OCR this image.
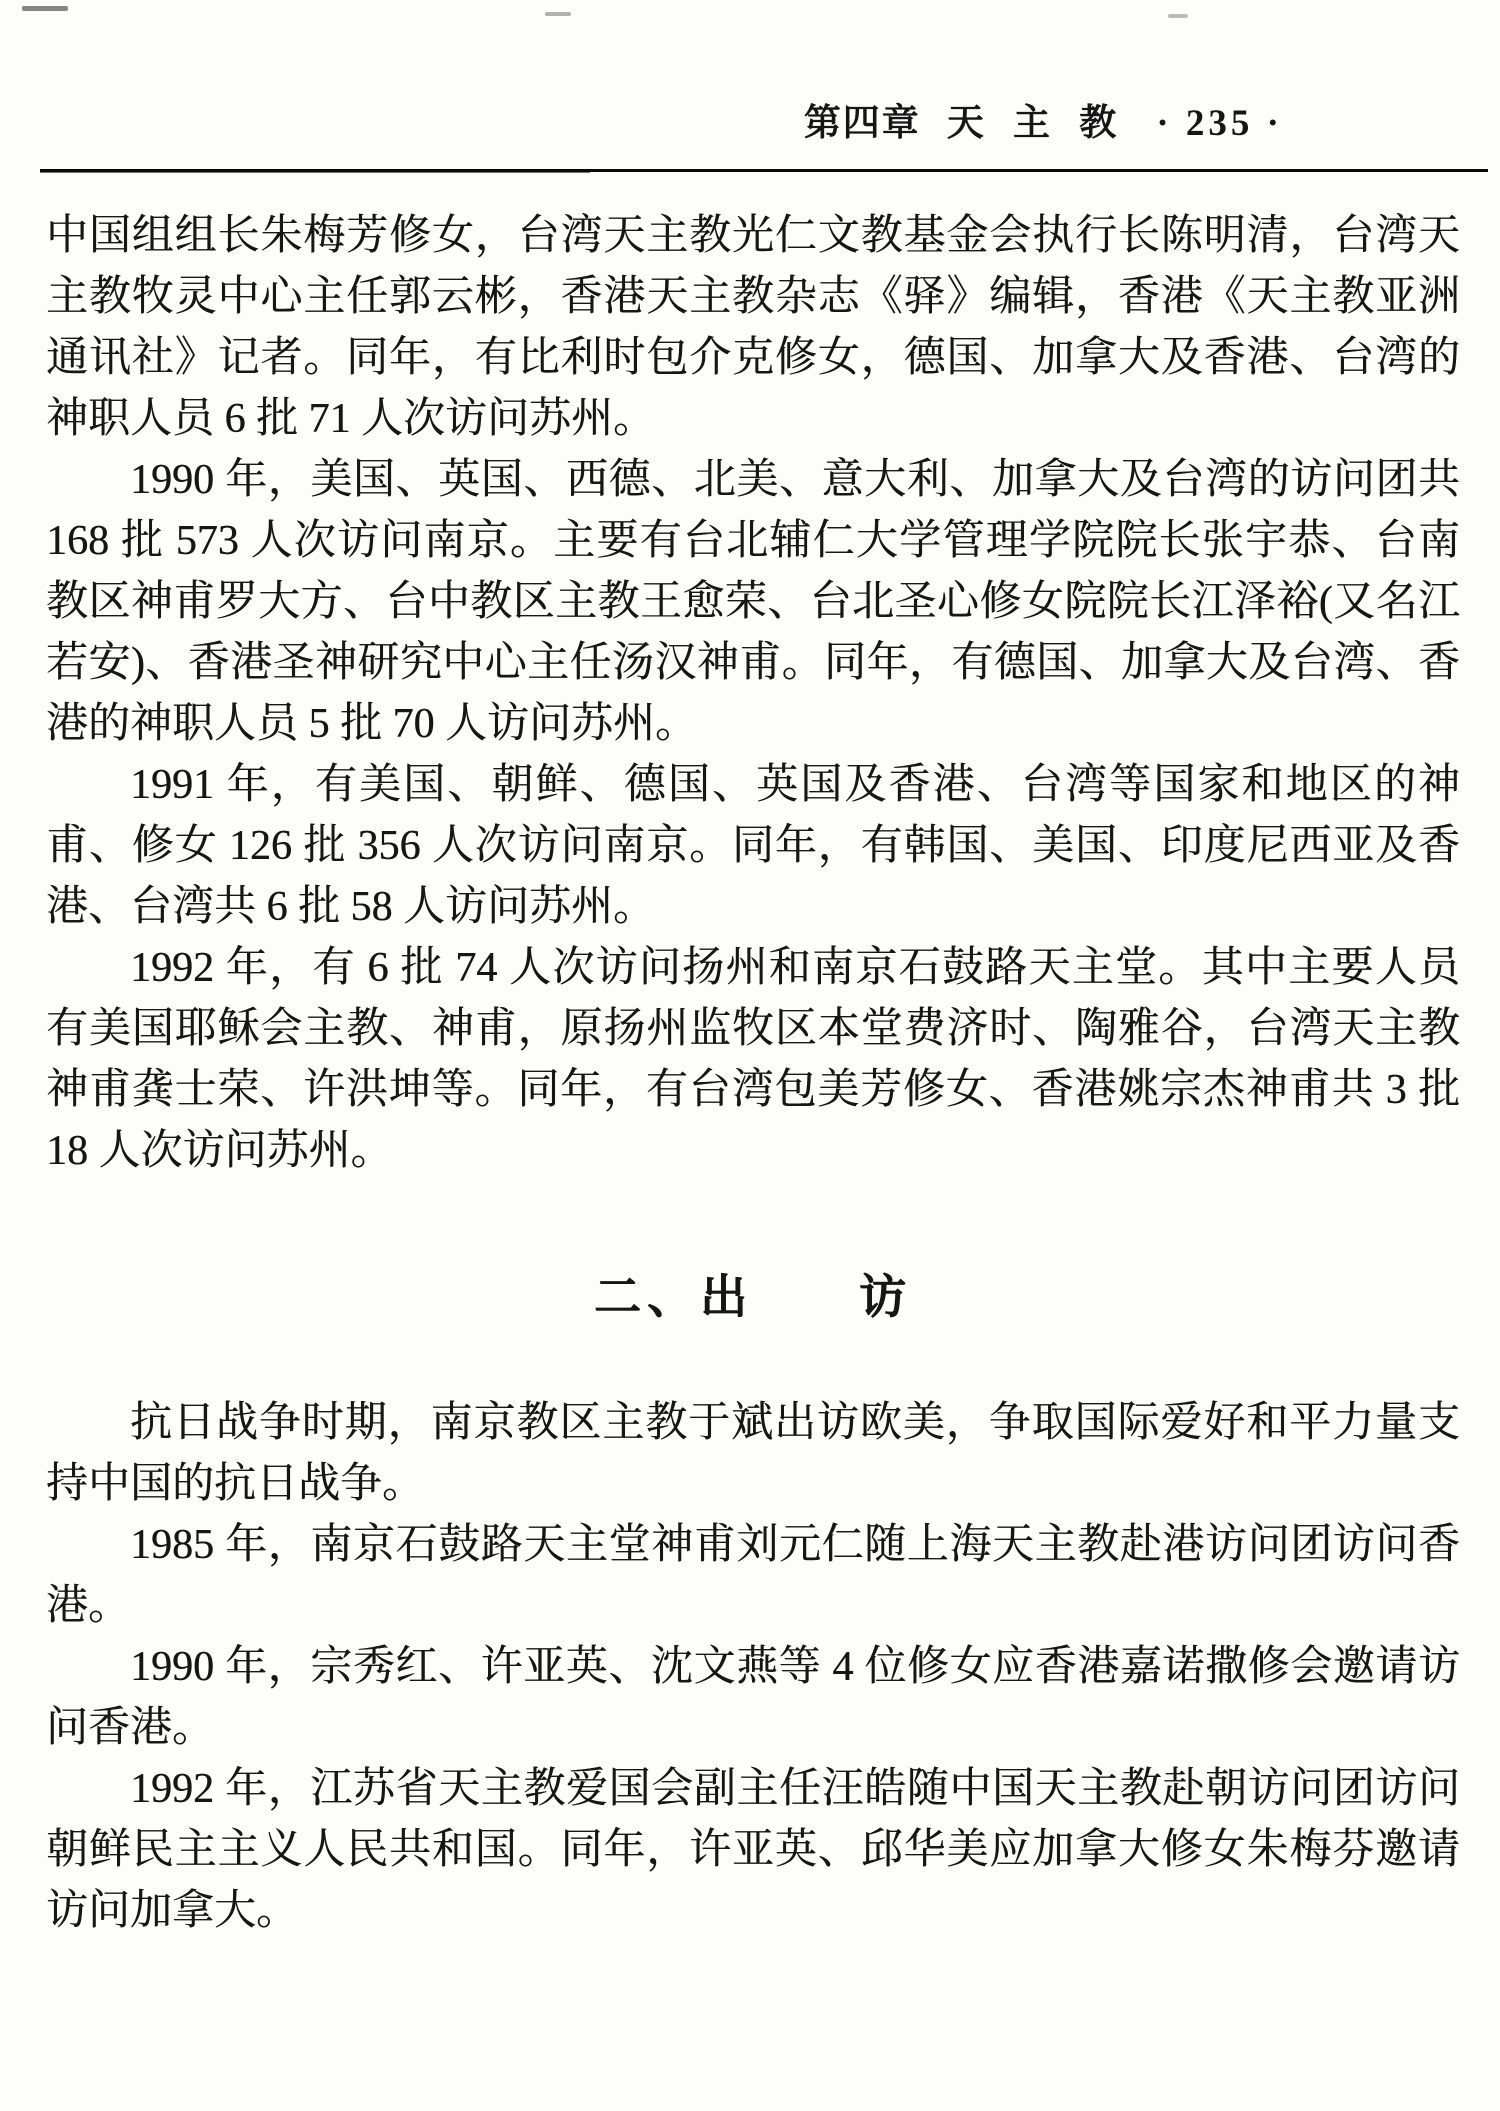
第四章 天 主 教 · 235 ·

中国组组长朱梅芳修女，台湾天主教光仁文教基金会执行长陈明清，台湾天主教牧灵中心主任郭云彬，香港天主教杂志《驿》编辑，香港《天主教亚洲通讯社》记者。同年，有比利时包介克修女，德国、加拿大及香港、台湾的神职人员 6 批 71 人次访问苏州。

1990 年，美国、英国、西德、北美、意大利、加拿大及台湾的访问团共 168 批 573 人次访问南京。主要有台北辅仁大学管理学院院长张宇恭、台南教区神甫罗大方、台中教区主教王愈荣、台北圣心修女院院长江泽裕(又名江若安)、香港圣神研究中心主任汤汉神甫。同年，有德国、加拿大及台湾、香港的神职人员 5 批 70 人访问苏州。

1991 年，有美国、朝鲜、德国、英国及香港、台湾等国家和地区的神甫、修女 126 批 356 人次访问南京。同年，有韩国、美国、印度尼西亚及香港、台湾共 6 批 58 人访问苏州。

1992 年，有 6 批 74 人次访问扬州和南京石鼓路天主堂。其中主要人员有美国耶稣会主教、神甫，原扬州监牧区本堂费济时、陶雅谷，台湾天主教神甫龚士荣、许洪坤等。同年，有台湾包美芳修女、香港姚宗杰神甫共 3 批 18 人次访问苏州。

二、出　　访

抗日战争时期，南京教区主教于斌出访欧美，争取国际爱好和平力量支持中国的抗日战争。

1985 年，南京石鼓路天主堂神甫刘元仁随上海天主教赴港访问团访问香港。

1990 年，宗秀红、许亚英、沈文燕等 4 位修女应香港嘉诺撒修会邀请访问香港。

1992 年，江苏省天主教爱国会副主任汪皓随中国天主教赴朝访问团访问朝鲜民主主义人民共和国。同年，许亚英、邱华美应加拿大修女朱梅芬邀请访问加拿大。
